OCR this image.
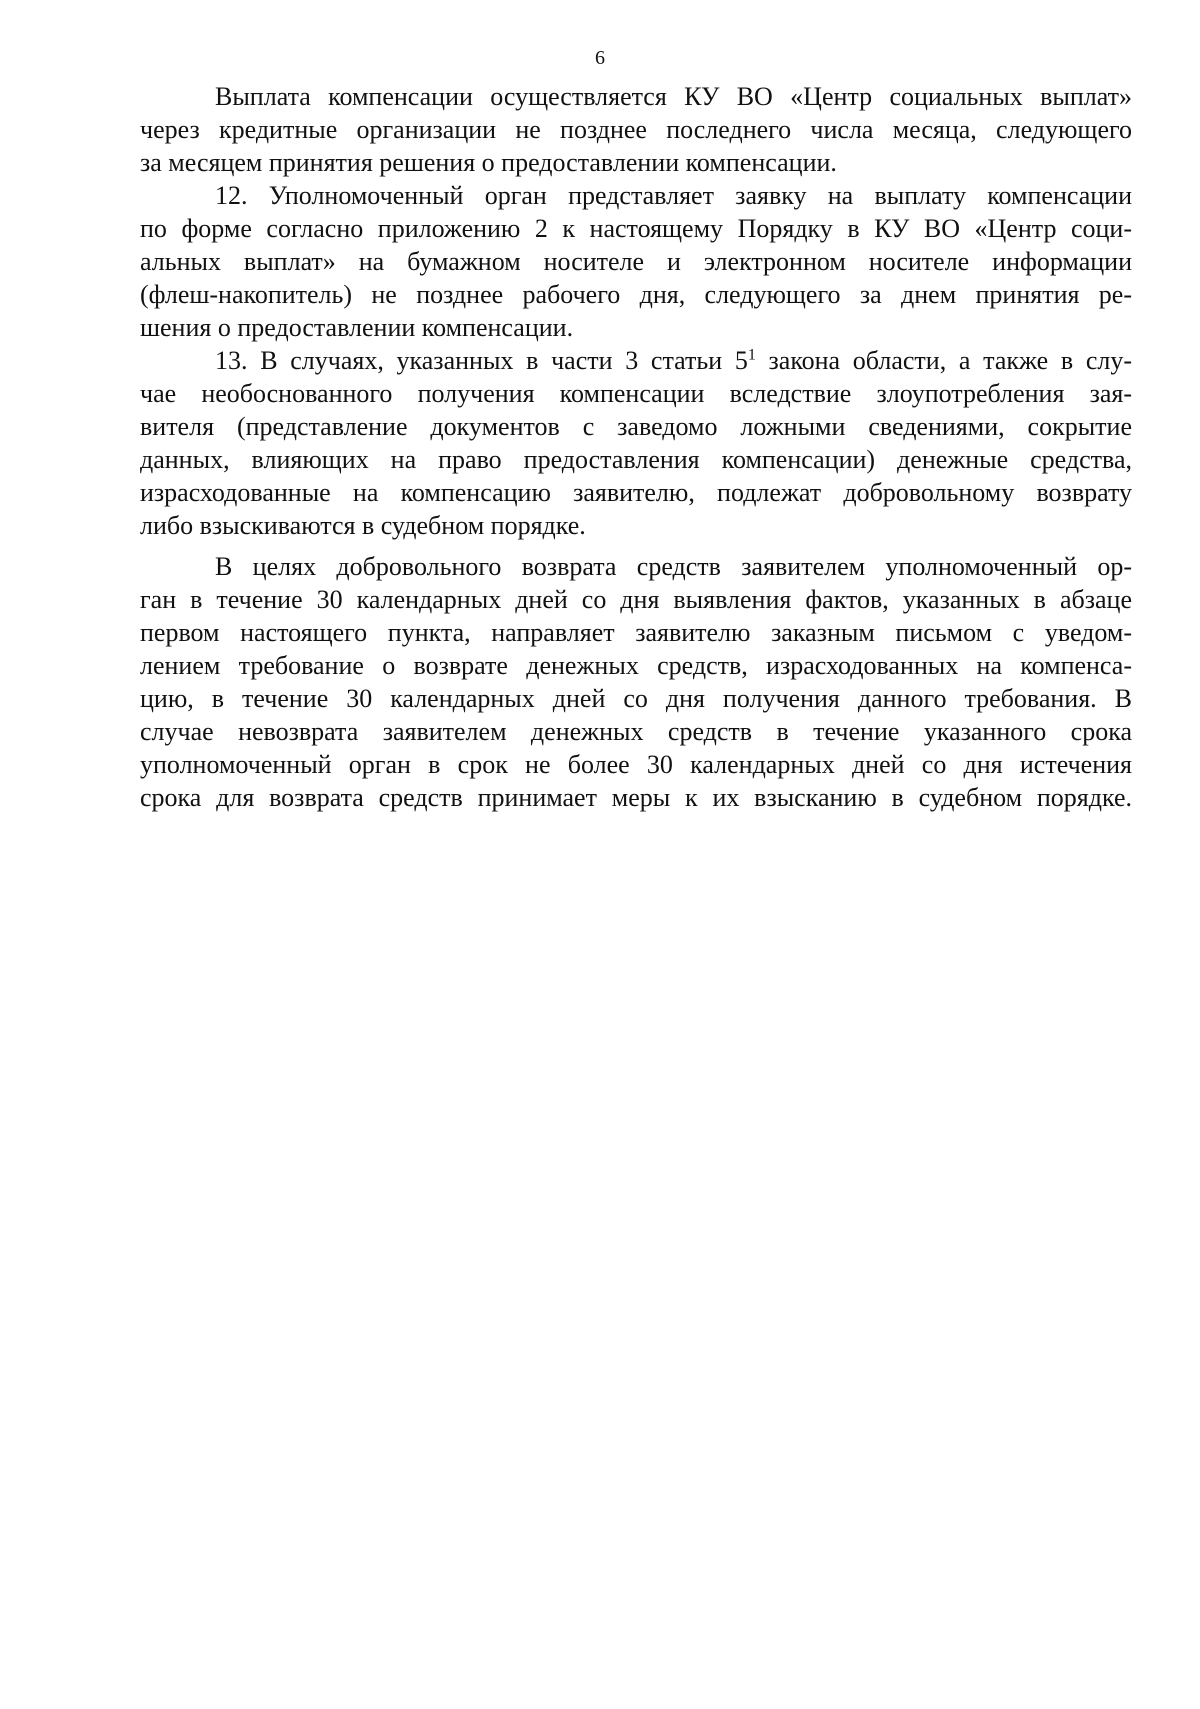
6
Выплата компенсации осуществляется КУ ВО «Центр социальных выплат»
через кредитные организации не позднее последнего числа месяца, следующего
за месяцем принятия решения о предоставлении компенсации.
12. Уполномоченный орган представляет заявку на выплату компенсации
по форме согласно приложению 2 к настоящему Порядку в КУ ВО «Центр соци-
альных выплат» на бумажном носителе и электронном носителе информации
(флеш-накопитель) не позднее рабочего дня, следующего за днем принятия ре-
шения о предоставлении компенсации.
13. В случаях, указанных в части 3 статьи $5^1$ закона области, а также в слу-
чае необоснованного получения компенсации вследствие злоупотребления зая-
вителя (представление документов с заведомо ложными сведениями, сокрытие
данных, влияющих на право предоставления компенсации) денежные средства,
израсходованные на компенсацию заявителю, подлежат добровольному возврату
либо взыскиваются в судебном порядке.
В целях добровольного возврата средств заявителем уполномоченный ор-
ган в течение 30 календарных дней со дня выявления фактов, указанных в абзаце
первом настоящего пункта, направляет заявителю заказным письмом с уведом-
лением требование о возврате денежных средств, израсходованных на компенса-
цию, в течение 30 календарных дней со дня получения данного требования. В
случае невозврата заявителем денежных средств в течение указанного срока
уполномоченный орган в срок не более 30 календарных дней со дня истечения
срока для возврата средств принимает меры к их взысканию в судебном порядке.
